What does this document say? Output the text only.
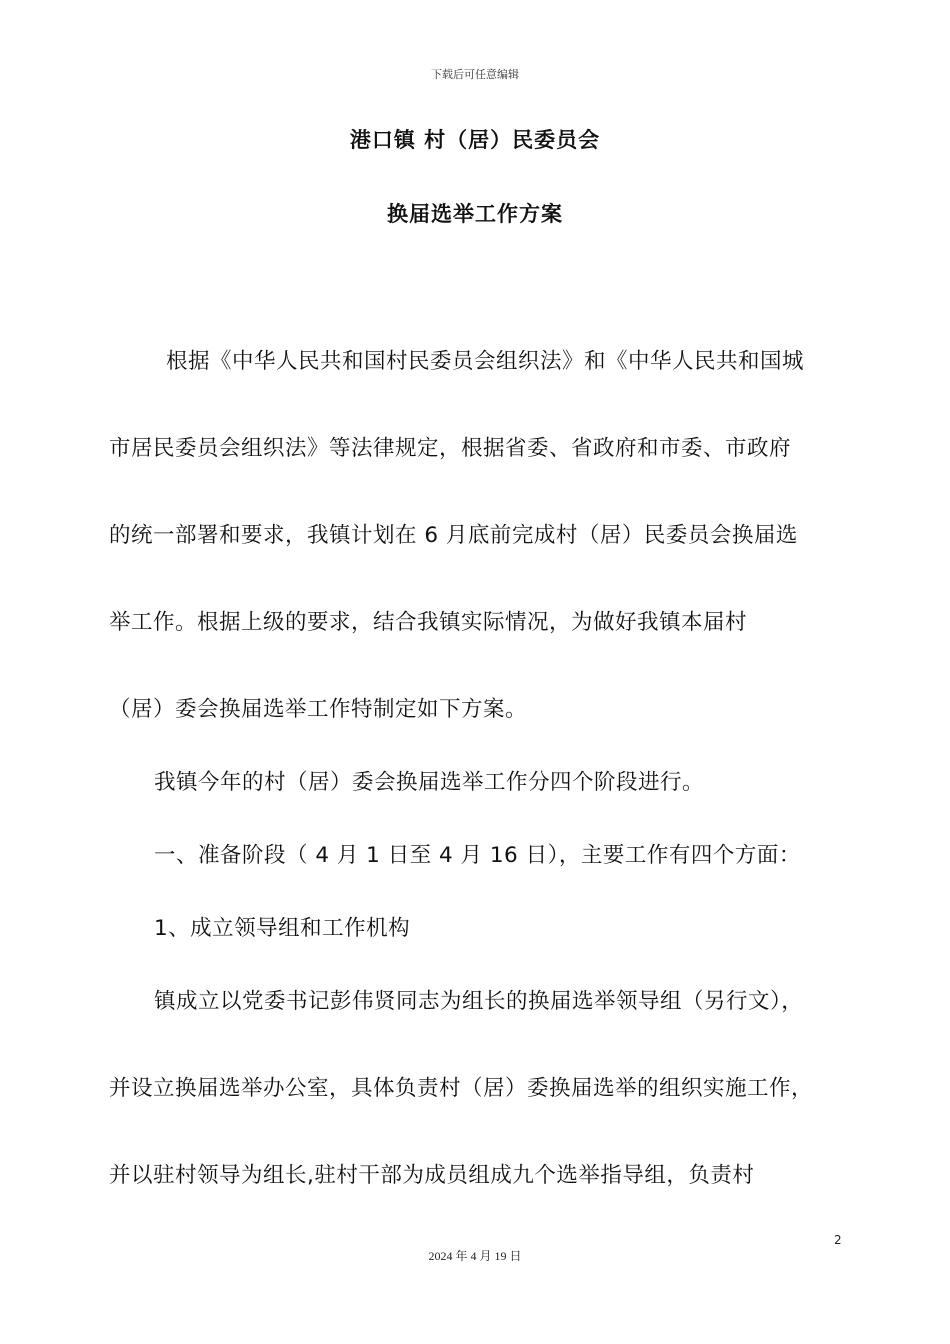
下载后可任意编辑
港口镇 村（居）民委员会
换届选举工作方案
根据《中华人民共和国村民委员会组织法》和《中华人民共和国城
市居民委员会组织法》等法律规定，根据省委、省政府和市委、市政府
的统一部署和要求，我镇计划在 6 月底前完成村（居）民委员会换届选
举工作。根据上级的要求，结合我镇实际情况，为做好我镇本届村
（居）委会换届选举工作特制定如下方案。
我镇今年的村（居）委会换届选举工作分四个阶段进行。
一、准备阶段（ 4 月 1 日至 4 月 16 日），主要工作有四个方面：
1、成立领导组和工作机构
镇成立以党委书记彭伟贤同志为组长的换届选举领导组（另行文），
并设立换届选举办公室，具体负责村（居）委换届选举的组织实施工作，
并以驻村领导为组长,驻村干部为成员组成九个选举指导组，负责村
2
2024 年 4 月 19 日
